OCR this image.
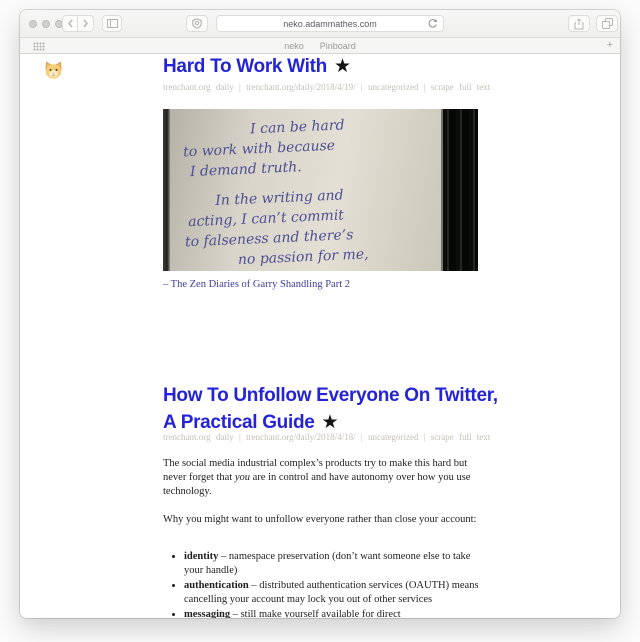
neko.adammathes.com
neko Pinboard	+
Hard To Work With ★
trenchant.org daily | trenchant.org/daily/2018/4/19/ | uncategorized | scrape full text
I can be hard
to work with because
I demand truth.
In the writing and
acting, I can’t commit
to falseness and there’s
no passion for me,
– The Zen Diaries of Garry Shandling Part 2
How To Unfollow Everyone On Twitter,
A Practical Guide ★
trenchant.org daily | trenchant.org/daily/2018/4/18/ | uncategorized | scrape full text

The social media industrial complex’s products try to make this hard but never forget that you are in control and have autonomy over how you use technology.

Why you might want to unfollow everyone rather than close your account:

• identity – namespace preservation (don’t want someone else to take your handle)
• authentication – distributed authentication services (OAUTH) means cancelling your account may lock you out of other services
• messaging – still make yourself available for direct
